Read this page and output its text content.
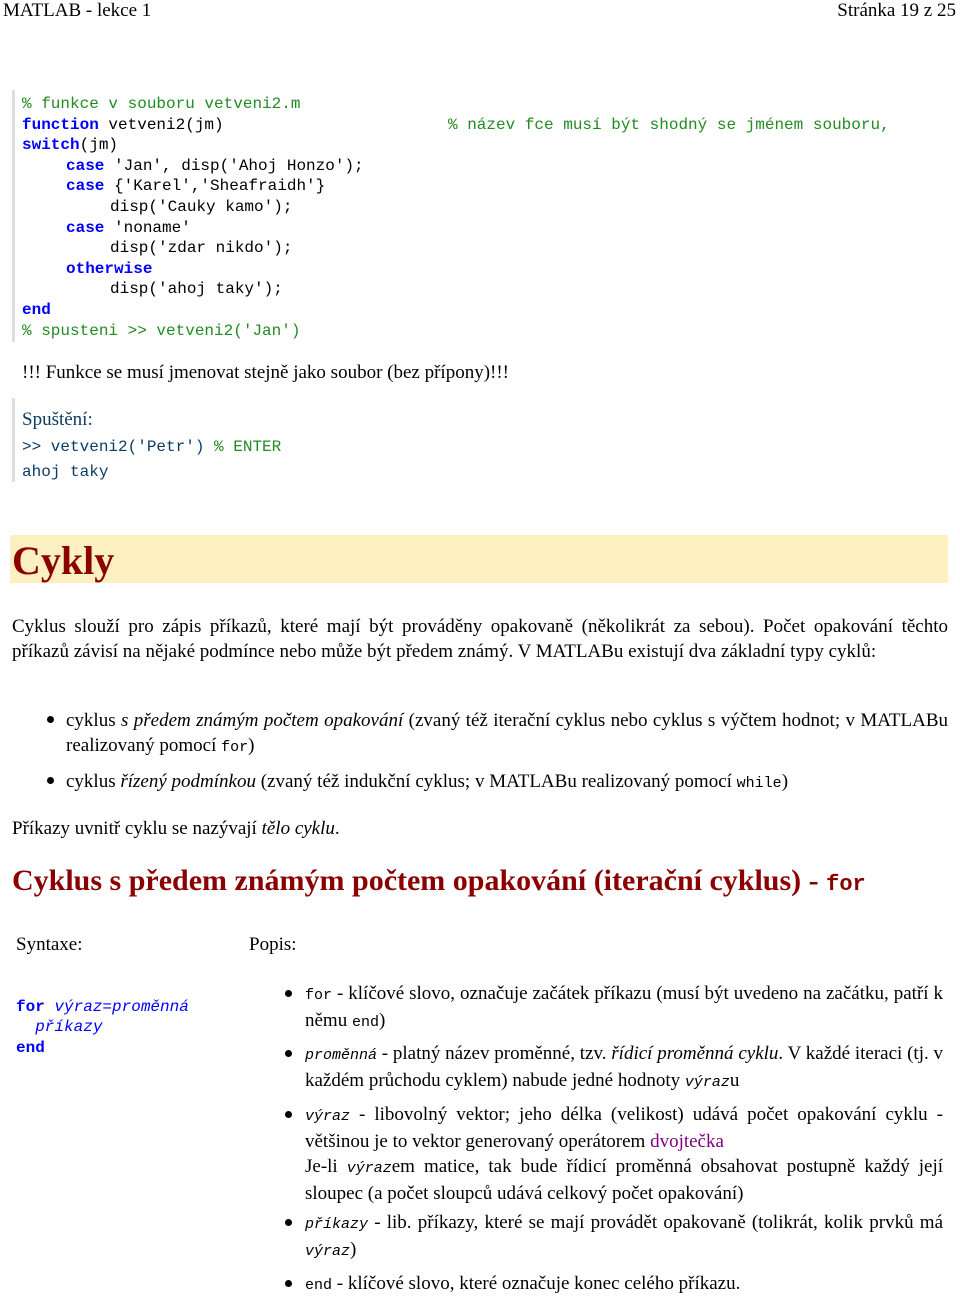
MATLAB - lekce 1	Stránka 19 z 25
% funkce v souboru vetveni2.m
function vetveni2(jm)	% název fce musí být shodný se jménem souboru,
switch(jm)
case 'Jan', disp('Ahoj Honzo');
case {'Karel','Sheafraidh'}
disp('Cauky kamo');
case 'noname'
disp('zdar nikdo');
otherwise
disp('ahoj taky');
end
% spusteni >> vetveni2('Jan')
!!! Funkce se musí jmenovat stejně jako soubor (bez přípony)!!!
Spuštění:
>> vetveni2('Petr') % ENTER
ahoj taky
Cykly
Cyklus slouží pro zápis příkazů, které mají být prováděny opakovaně (několikrát za sebou). Počet opakování těchto příkazů závisí na nějaké podmínce nebo může být předem známý. V MATLABu existují dva základní typy cyklů:
cyklus s předem známým počtem opakování (zvaný též iterační cyklus nebo cyklus s výčtem hodnot; v MATLABu realizovaný pomocí for)
cyklus řízený podmínkou (zvaný též indukční cyklus; v MATLABu realizovaný pomocí while)
Příkazy uvnitř cyklu se nazývají tělo cyklu.
Cyklus s předem známým počtem opakování (iterační cyklus) - for
Syntaxe:	Popis:

for výraz=proměnná
příkazy
end

for - klíčové slovo, označuje začátek příkazu (musí být uvedeno na začátku, patří k němu end)
proměnná - platný název proměnné, tzv. řídicí proměnná cyklu. V každé iteraci (tj. v každém průchodu cyklem) nabude jedné hodnoty výrazu
výraz - libovolný vektor; jeho délka (velikost) udává počet opakování cyklu - většinou je to vektor generovaný operátorem dvojtečka
Je-li výrazem matice, tak bude řídicí proměnná obsahovat postupně každý její sloupec (a počet sloupců udává celkový počet opakování)
příkazy - lib. příkazy, které se mají provádět opakovaně (tolikrát, kolik prvků má výraz)
end - klíčové slovo, které označuje konec celého příkazu.
